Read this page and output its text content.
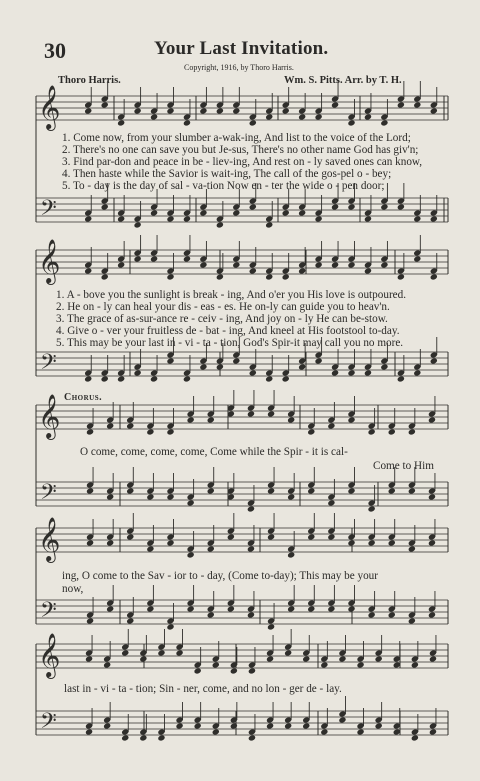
30	Your Last Invitation.
Copyright, 1916, by Thoro Harris.
Thoro Harris.	Wm. S. Pitts. Arr. by T. H.
𝄞
𝄢
𝄞
𝄢
𝄞
𝄢
𝄞
𝄢
𝄞
𝄢
1. Come now, from your slumber a-wak-ing, And list to the voice of the Lord;
2. There's no one can save you but Je-sus, There's no other name God has giv'n;
3. Find par-don and peace in be - liev-ing, And rest on - ly saved ones can know,
4. Then haste while the Savior is wait-ing, The call of the gos-pel o - bey;
5. To - day is the day of sal - va-tion Now en - ter the wide o - pen door;
1. A - bove you the sunlight is break - ing, And o'er you His love is outpoured.
2. He on - ly can heal your dis - eas - es. He on-ly can guide you to heav'n.
3. The grace of as-sur-ance re - ceiv - ing, And joy on - ly He can be-stow.
4. Give o - ver your fruitless de - bat - ing, And kneel at His footstool to-day.
5. This may be your last in - vi - ta - tion, God's Spir-it may call you no more.
Chorus.
O come, come, come, come, Come while the Spir - it is cal-
Come to Him
ing, O come to the Sav - ior to - day, (Come to-day); This may be your
now,
last in - vi - ta - tion; Sin - ner, come, and no lon - ger de - lay.
